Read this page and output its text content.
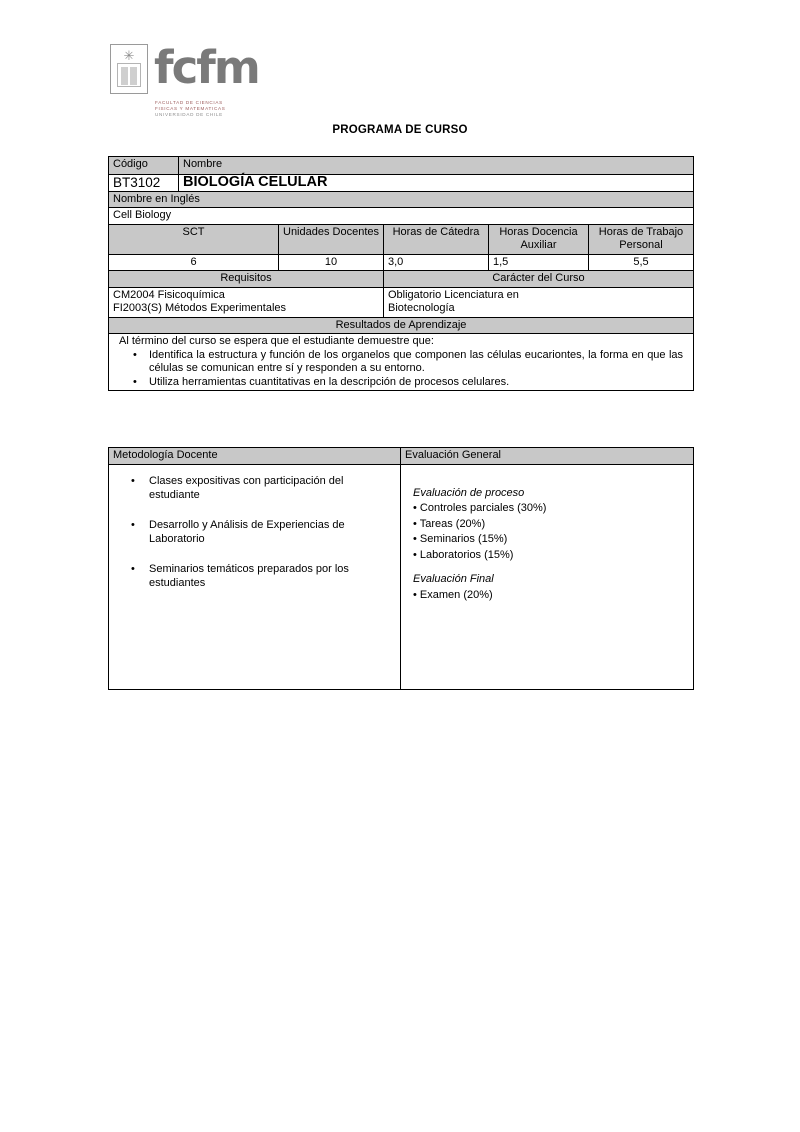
✳ fcfm
FACULTAD DE CIENCIAS
FISICAS Y MATEMATICAS
UNIVERSIDAD DE CHILE
PROGRAMA DE CURSO
Código	Nombre				
BT3102	BIOLOGÍA CELULAR				
Nombre en Inglés					
Cell Biology					
SCT		Unidades Docentes	Horas de Cátedra	Horas Docencia Auxiliar	Horas de Trabajo Personal
6		10	3,0	1,5	5,5
Requisitos			Carácter del Curso		

CM2004 Fisicoquímica
FI2003(S) Métodos Experimentales

Obligatorio Licenciatura en
Biotecnología

Resultados de Aprendizaje					

Al término del curso se espera que el estudiante demuestre que:
• Identifica la estructura y función de los organelos que componen las células eucariontes, la forma en que las células se comunican entre sí y responden a su entorno.
• Utiliza herramientas cuantitativas en la descripción de procesos celulares.
Metodología Docente	Evaluación General

• Clases expositivas con participación del estudiante
• Desarrollo y Análisis de Experiencias de Laboratorio
• Seminarios temáticos preparados por los estudiantes

Evaluación de proceso
• Controles parciales (30%)
• Tareas (20%)
• Seminarios (15%)
• Laboratorios (15%)
Evaluación Final
• Examen (20%)
